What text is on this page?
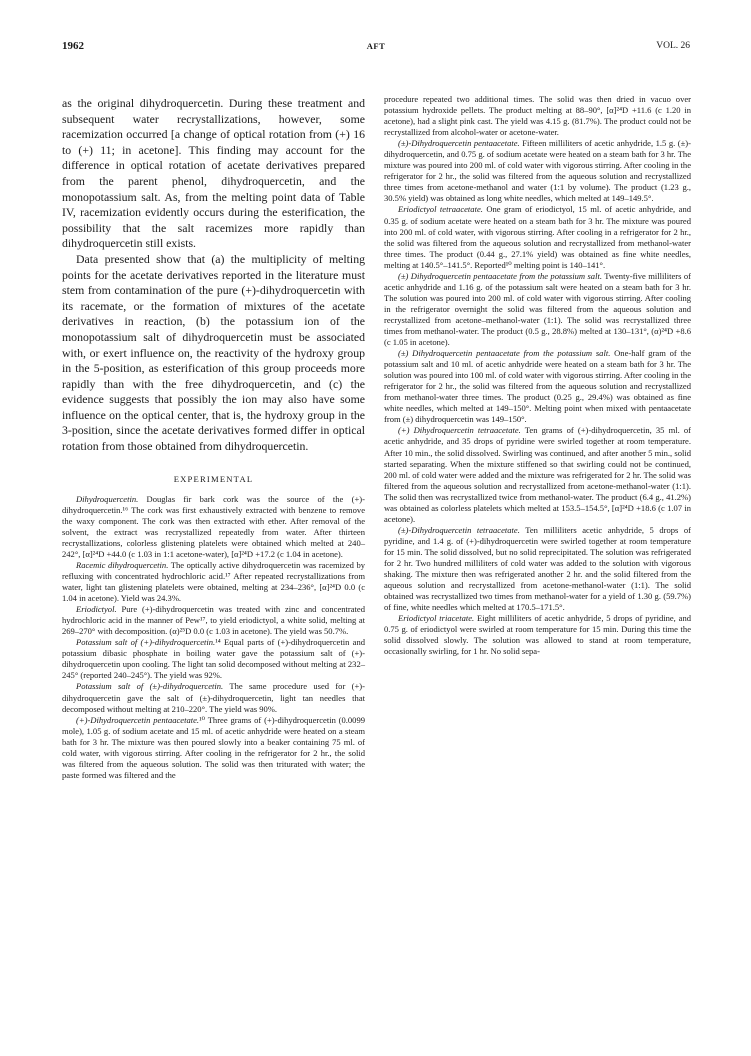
1962	AFT	VOL. 26

as the original dihydroquercetin. During these treatment and subsequent water recrystallizations, however, some racemization occurred [a change of optical rotation from (+) 16 to (+) 11; in acetone]. This finding may account for the difference in optical rotation of acetate derivatives prepared from the parent phenol, dihydroquercetin, and the monopotassium salt. As, from the melting point data of Table IV, racemization evidently occurs during the esterification, the possibility that the salt racemizes more rapidly than dihydroquercetin still exists.

Data presented show that (a) the multiplicity of melting points for the acetate derivatives reported in the literature must stem from contamination of the pure (+)-dihydroquercetin with its racemate, or the formation of mixtures of the acetate derivatives in reaction, (b) the potassium ion of the monopotassium salt of dihydroquercetin must be associated with, or exert influence on, the reactivity of the hydroxy group in the 5-position, as esterification of this group proceeds more rapidly than with the free dihydroquercetin, and (c) the evidence suggests that possibly the ion may also have some influence on the optical center, that is, the hydroxy group in the 3-position, since the acetate derivatives formed differ in optical rotation from those obtained from dihydroquercetin.

EXPERIMENTAL

Dihydroquercetin. Douglas fir bark cork was the source of the (+)-dihydroquercetin.¹⁶ The cork was first exhaustively extracted with benzene to remove the waxy component. The cork was then extracted with ether. After removal of the solvent, the extract was recrystallized repeatedly from water. After thirteen recrystallizations, colorless glistening platelets were obtained which melted at 240–242°, [α]²⁴D +44.0 (c 1.03 in 1:1 acetone-water), [α]²⁴D +17.2 (c 1.04 in acetone).

Racemic dihydroquercetin. The optically active dihydroquercetin was racemized by refluxing with concentrated hydrochloric acid.¹⁷ After repeated recrystallizations from water, light tan glistening platelets were obtained, melting at 234–236°, [α]²⁴D 0.0 (c 1.04 in acetone). Yield was 24.3%.

Eriodictyol. Pure (+)-dihydroquercetin was treated with zinc and concentrated hydrochloric acid in the manner of Pew¹⁷, to yield eriodictyol, a white solid, melting at 269–270° with decomposition. (α)²⁵D 0.0 (c 1.03 in acetone). The yield was 50.7%.

Potassium salt of (+)-dihydroquercetin.¹⁴ Equal parts of (+)-dihydroquercetin and potassium dibasic phosphate in boiling water gave the potassium salt of (+)-dihydroquercetin upon cooling. The light tan solid decomposed without melting at 232–245° (reported 240–245°). The yield was 92%.

Potassium salt of (±)-dihydroquercetin. The same procedure used for (+)-dihydroquercetin gave the salt of (±)-dihydroquercetin, light tan needles that decomposed without melting at 210–220°. The yield was 90%.

(+)-Dihydroquercetin pentaacetate.¹⁰ Three grams of (+)-dihydroquercetin (0.0099 mole), 1.05 g. of sodium acetate and 15 ml. of acetic anhydride were heated on a steam bath for 3 hr. The mixture was then poured slowly into a beaker containing 75 ml. of cold water, with vigorous stirring. After cooling in the refrigerator for 2 hr., the solid was filtered from the aqueous solution. The solid was then triturated with water; the paste formed was filtered and the

procedure repeated two additional times. The solid was then dried in vacuo over potassium hydroxide pellets. The product melting at 88–90°, [α]²⁴D +11.6 (c 1.20 in acetone), had a slight pink cast. The yield was 4.15 g. (81.7%). The product could not be recrystallized from alcohol-water or acetone-water.

(±)-Dihydroquercetin pentaacetate. Fifteen milliliters of acetic anhydride, 1.5 g. (±)-dihydroquercetin, and 0.75 g. of sodium acetate were heated on a steam bath for 3 hr. The mixture was poured into 200 ml. of cold water with vigorous stirring. After cooling in the refrigerator for 2 hr., the solid was filtered from the aqueous solution and recrystallized three times from acetone-methanol and water (1:1 by volume). The product (1.23 g., 30.5% yield) was obtained as long white needles, which melted at 149–149.5°.

Eriodictyol tetraacetate. One gram of eriodictyol, 15 ml. of acetic anhydride, and 0.35 g. of sodium acetate were heated on a steam bath for 3 hr. The mixture was poured into 200 ml. of cold water, with vigorous stirring. After cooling in a refrigerator for 2 hr., the solid was filtered from the aqueous solution and recrystallized from methanol-water three times. The product (0.44 g., 27.1% yield) was obtained as fine white needles, melting at 140.5°–141.5°. Reported¹⁰ melting point is 140–141°.

(±) Dihydroquercetin pentaacetate from the potassium salt. Twenty-five milliliters of acetic anhydride and 1.16 g. of the potassium salt were heated on a steam bath for 3 hr. The solution was poured into 200 ml. of cold water with vigorous stirring. After cooling in the refrigerator overnight the solid was filtered from the aqueous solution and recrystallized from acetone–methanol-water (1:1). The solid was recrystallized three times from methanol-water. The product (0.5 g., 28.8%) melted at 130–131°, (α)²⁴D +8.6 (c 1.05 in acetone).

(±) Dihydroquercetin pentaacetate from the potassium salt. One-half gram of the potassium salt and 10 ml. of acetic anhydride were heated on a steam bath for 3 hr. The solution was poured into 100 ml. of cold water with vigorous stirring. After cooling in the refrigerator for 2 hr., the solid was filtered from the aqueous solution and recrystallized from methanol-water three times. The product (0.25 g., 29.4%) was obtained as fine white needles, which melted at 149–150°. Melting point when mixed with pentaacetate from (±) dihydroquercetin was 149–150°.

(+) Dihydroquercetin tetraacetate. Ten grams of (+)-dihydroquercetin, 35 ml. of acetic anhydride, and 35 drops of pyridine were swirled together at room temperature. After 10 min., the solid dissolved. Swirling was continued, and after another 5 min., solid started separating. When the mixture stiffened so that swirling could not be continued, 200 ml. of cold water were added and the mixture was refrigerated for 2 hr. The solid was filtered from the aqueous solution and recrystallized from acetone-methanol-water (1:1). The solid then was recrystallized twice from methanol-water. The product (6.4 g., 41.2%) was obtained as colorless platelets which melted at 153.5–154.5°, [α]²⁴D +18.6 (c 1.07 in acetone).

(±)-Dihydroquercetin tetraacetate. Ten milliliters acetic anhydride, 5 drops of pyridine, and 1.4 g. of (+)-dihydroquercetin were swirled together at room temperature for 15 min. The solid dissolved, but no solid reprecipitated. The solution was refrigerated for 2 hr. Two hundred milliliters of cold water was added to the solution with vigorous shaking. The mixture then was refrigerated another 2 hr. and the solid filtered from the aqueous solution and recrystallized from acetone-methanol-water (1:1). The solid obtained was recrystallized two times from methanol-water for a yield of 1.30 g. (59.7%) of fine, white needles which melted at 170.5–171.5°.

Eriodictyol triacetate. Eight milliliters of acetic anhydride, 5 drops of pyridine, and 0.75 g. of eriodictyol were swirled at room temperature for 15 min. During this time the solid dissolved slowly. The solution was allowed to stand at room temperature, occasionally swirling, for 1 hr. No solid sepa-
